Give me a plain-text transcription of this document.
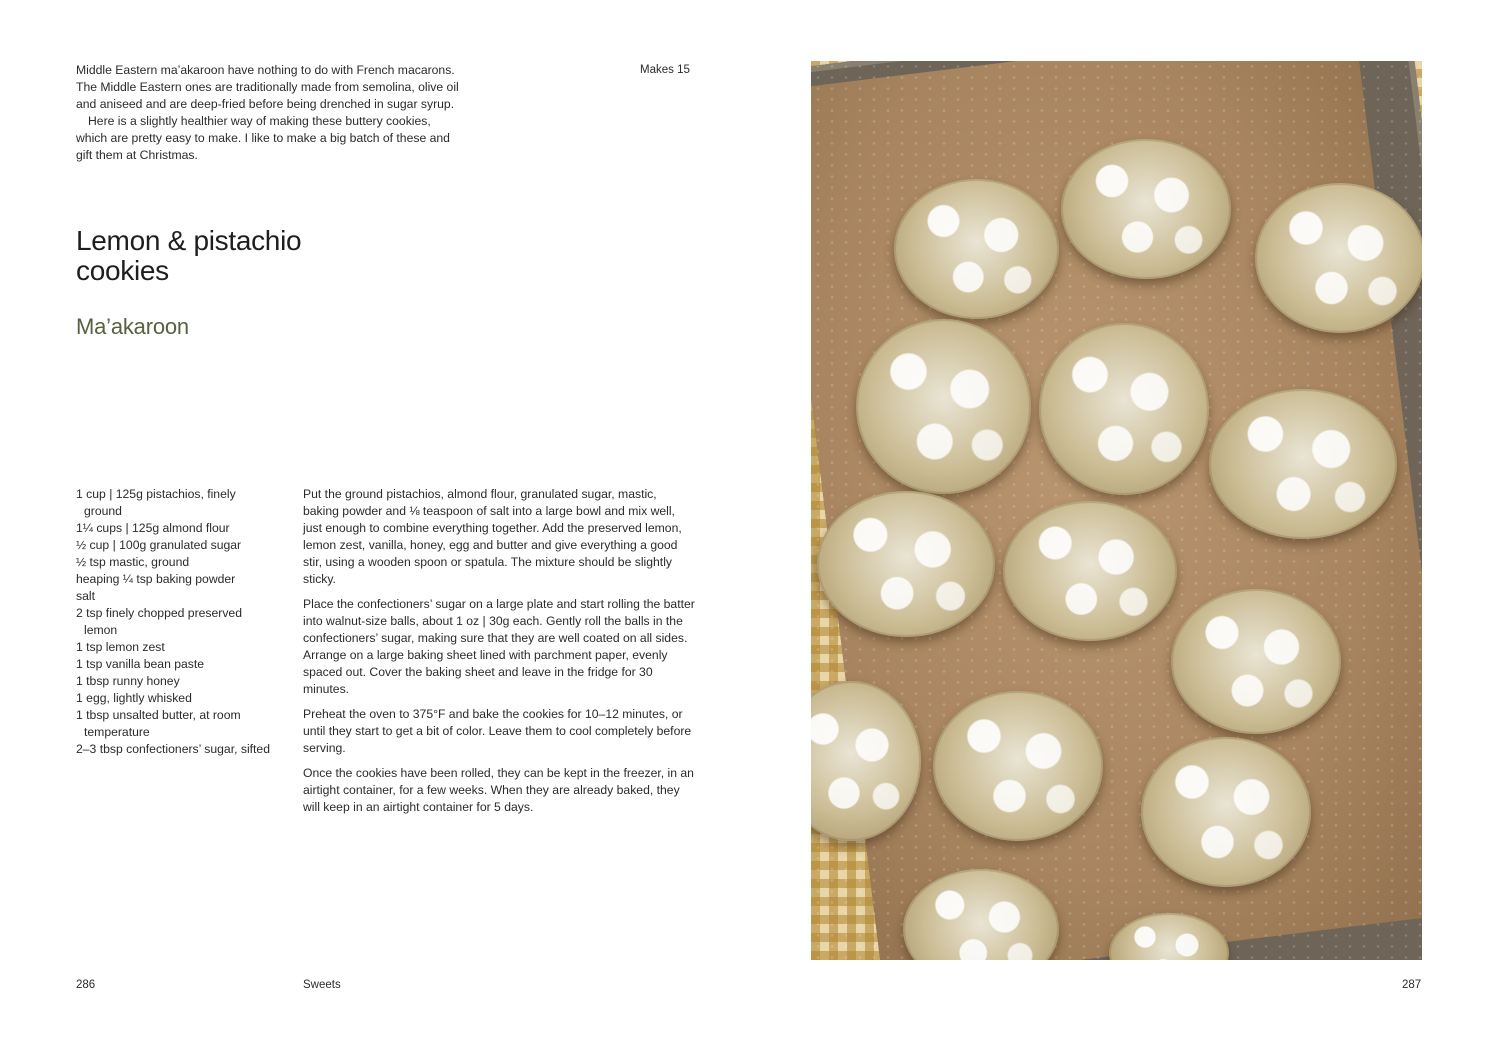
Middle Eastern ma’akaroon have nothing to do with French macarons. The Middle Eastern ones are traditionally made from semolina, olive oil and aniseed and are deep-fried before being drenched in sugar syrup.

Here is a slightly healthier way of making these buttery cookies, which are pretty easy to make. I like to make a big batch of these and gift them at Christmas.

Makes 15
Lemon & pistachio
cookies
Ma’akaroon
1 cup | 125g pistachios, finely ground
1¼ cups | 125g almond flour
½ cup | 100g granulated sugar
½ tsp mastic, ground
heaping ¼ tsp baking powder
salt
2 tsp finely chopped preserved lemon
1 tsp lemon zest
1 tsp vanilla bean paste
1 tbsp runny honey
1 egg, lightly whisked
1 tbsp unsalted butter, at room temperature
2–3 tbsp confectioners’ sugar, sifted

Put the ground pistachios, almond flour, granulated sugar, mastic, baking powder and ⅛ teaspoon of salt into a large bowl and mix well, just enough to combine everything together. Add the preserved lemon, lemon zest, vanilla, honey, egg and butter and give everything a good stir, using a wooden spoon or spatula. The mixture should be slightly sticky.

Place the confectioners’ sugar on a large plate and start rolling the batter into walnut-size balls, about 1 oz | 30g each. Gently roll the balls in the confectioners’ sugar, making sure that they are well coated on all sides. Arrange on a large baking sheet lined with parchment paper, evenly spaced out. Cover the baking sheet and leave in the fridge for 30 minutes.

Preheat the oven to 375°F and bake the cookies for 10–12 minutes, or until they start to get a bit of color. Leave them to cool completely before serving.

Once the cookies have been rolled, they can be kept in the freezer, in an airtight container, for a few weeks. When they are already baked, they will keep in an airtight container for 5 days.

286	Sweets	287
